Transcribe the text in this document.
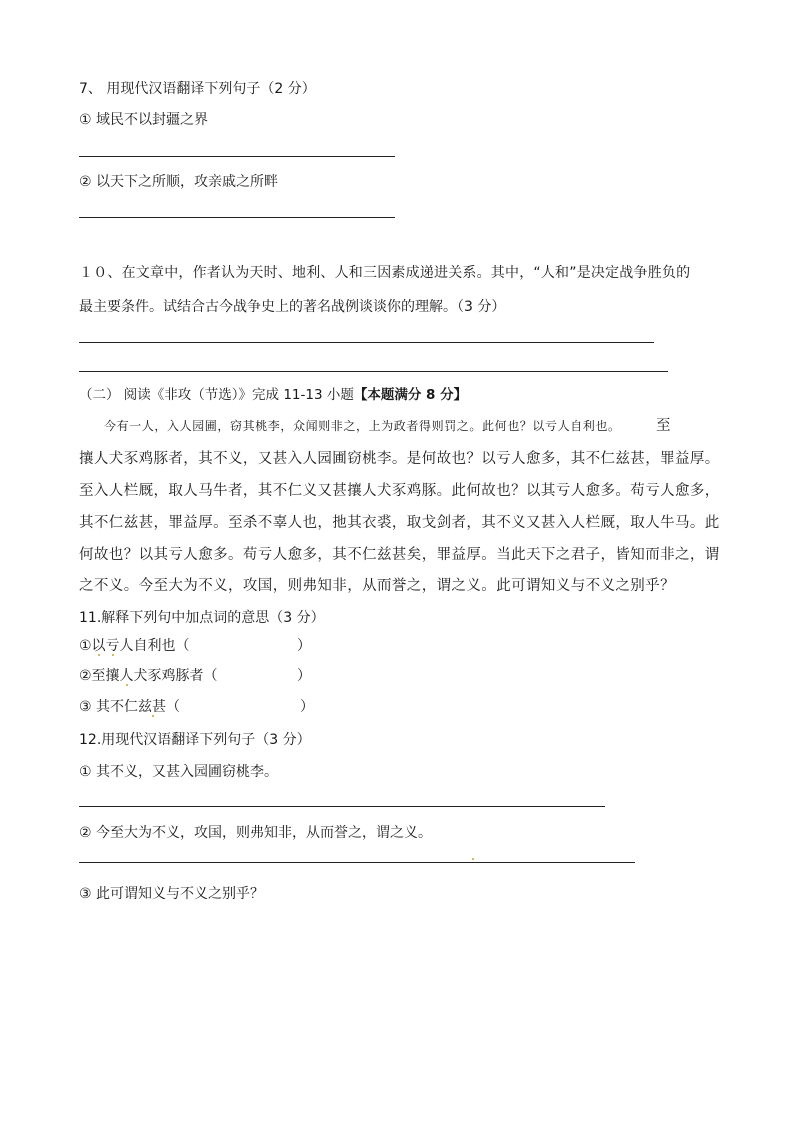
7、 用现代汉语翻译下列句子（2 分）
① 域民不以封疆之界
② 以天下之所顺，攻亲戚之所畔
１０、在文章中，作者认为天时、地利、人和三因素成递进关系。其中，“人和”是决定战争胜负的
最主要条件。试结合古今战争史上的著名战例谈谈你的理解。（3 分）
（二） 阅读《非攻（节选）》完成 11-13 小题【本题满分 8 分】
今有一人，入人园圃，窃其桃李，众闻则非之，上为政者得则罚之。此何也？以亏人自利也。 至
攘人犬豕鸡豚者，其不义，又甚入人园圃窃桃李。是何故也？以亏人愈多，其不仁兹甚，罪益厚。
至入人栏厩，取人马牛者，其不仁义又甚攘人犬豕鸡豚。此何故也？以其亏人愈多。苟亏人愈多，
其不仁兹甚，罪益厚。至杀不辜人也，扡其衣裘，取戈剑者，其不义又甚入人栏厩，取人牛马。此
何故也？以其亏人愈多。苟亏人愈多，其不仁兹甚矣，罪益厚。当此天下之君子，皆知而非之，谓
之不义。今至大为不义，攻国，则弗知非，从而誉之，谓之义。此可谓知义与不义之别乎？
11.解释下列句中加点词的意思（3 分）
①以亏人自利也（	）
②至攘人犬豕鸡豚者（	）
③ 其不仁兹甚（	）
12.用现代汉语翻译下列句子（3 分）
① 其不义，又甚入园圃窃桃李。
② 今至大为不义，攻国，则弗知非，从而誉之，谓之义。
③ 此可谓知义与不义之别乎？
